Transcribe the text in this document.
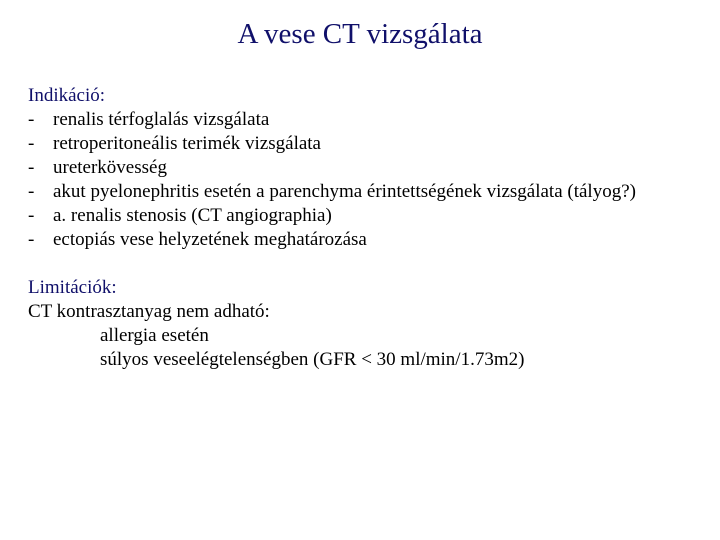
A vese CT vizsgálata
Indikáció:
- renalis térfoglalás vizsgálata
- retroperitoneális terimék vizsgálata
- ureterkövesség
- akut pyelonephritis esetén a parenchyma érintettségének vizsgálata (tályog?)
- a. renalis stenosis (CT angiographia)
- ectopiás vese helyzetének meghatározása
Limitációk:
CT kontrasztanyag nem adható:
allergia esetén
súlyos veseelégtelenségben (GFR < 30 ml/min/1.73m2)
